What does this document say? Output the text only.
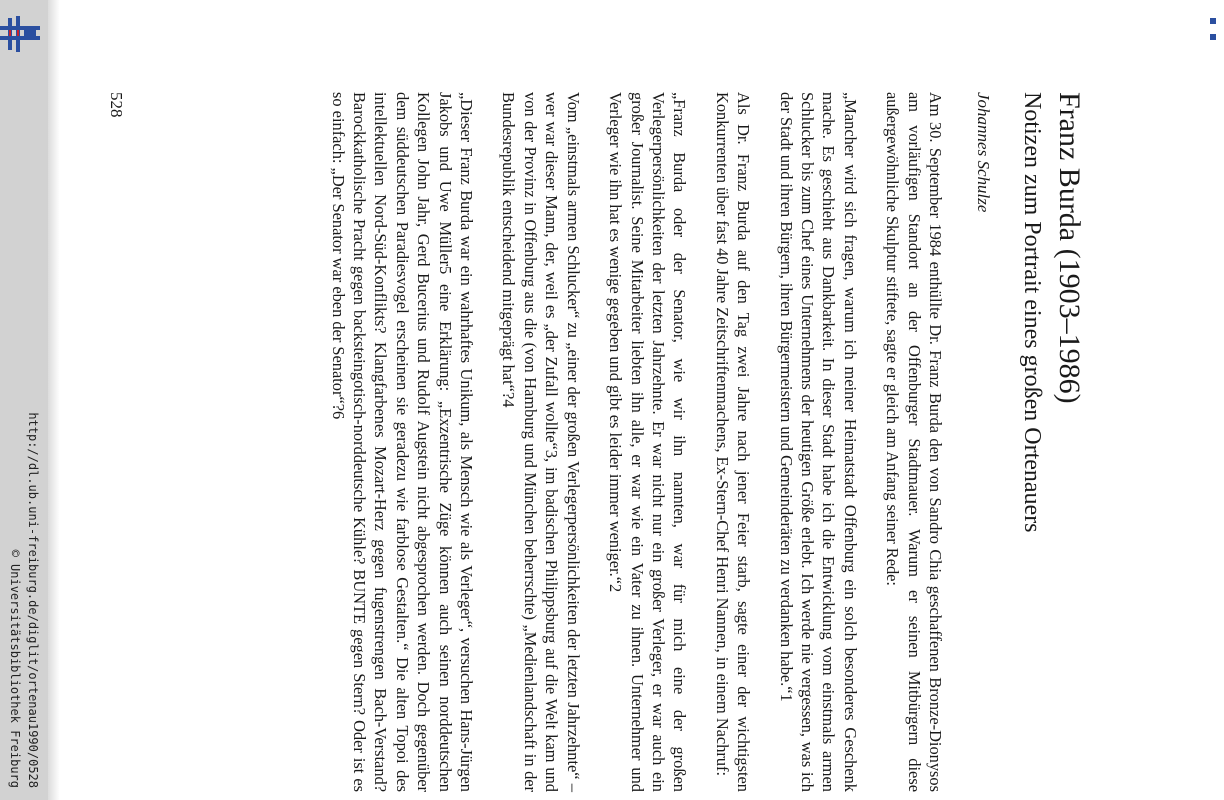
http://dl.ub.uni-freiburg.de/diglit/ortenau1990/0528
© Universitätsbibliothek Freiburg
Franz Burda (1903–1986)
Notizen zum Portrait eines großen Ortenauers
Johannes Schulze

Am 30. September 1984 enthüllte Dr. Franz Burda den von Sandro Chia geschaffenen Bronze-Dionysos am vorläufigen Standort an der Offenburger Stadtmauer. Warum er seinen Mitbürgern diese außergewöhnliche Skulptur stiftete, sagte er gleich am Anfang seiner Rede:

„Mancher wird sich fragen, warum ich meiner Heimatstadt Offenburg ein solch besonderes Geschenk mache. Es geschieht aus Dankbarkeit. In dieser Stadt habe ich die Entwicklung vom einstmals armen Schlucker bis zum Chef eines Unternehmens der heutigen Größe erlebt. Ich werde nie vergessen, was ich der Stadt und ihren Bürgern, ihren Bürgermeistern und Gemeinderäten zu verdanken habe.“1

Als Dr. Franz Burda auf den Tag zwei Jahre nach jener Feier starb, sagte einer der wichtigsten Konkurrenten über fast 40 Jahre Zeitschriftenmachens, Ex-Stern-Chef Henri Nannen, in einem Nachruf:

„Franz Burda oder der Senator, wie wir ihn nannten, war für mich eine der großen Verlegerpersönlichkeiten der letzten Jahrzehnte. Er war nicht nur ein großer Verleger, er war auch ein großer Journalist. Seine Mitarbeiter liebten ihn alle, er war wie ein Vater zu ihnen. Unternehmer und Verleger wie ihn hat es wenige gegeben und gibt es leider immer weniger.“2

Vom „einstmals armen Schlucker“ zu „einer der großen Verlegerpersönlichkeiten der letzten Jahrzehnte“ – wer war dieser Mann, der, weil es „der Zufall wollte“3, im badischen Philippsburg auf die Welt kam und von der Provinz in Offenburg aus die (von Hamburg und München beherrschte) „Medienlandschaft in der Bundesrepublik entscheidend mitgeprägt hat“?4

„Dieser Franz Burda war ein wahrhaftes Unikum, als Mensch wie als Verleger“, versuchen Hans-Jürgen Jakobs und Uwe Müller5 eine Erklärung: „Exzentrische Züge können auch seinen norddeutschen Kollegen John Jahr, Gerd Bucerius und Rudolf Augstein nicht abgesprochen werden. Doch gegenüber dem süddeutschen Paradiesvogel erscheinen sie geradezu wie farblose Gestalten.“ Die alten Topoi des intellektuellen Nord-Süd-Konflikts? Klangfarbenes Mozart-Herz gegen fugenstrengen Bach-Verstand? Barockkatholische Pracht gegen backsteingotisch-norddeutsche Kühle? BUNTE gegen Stern? Oder ist es so einfach: „Der Senator war eben der Senator“?6

528
